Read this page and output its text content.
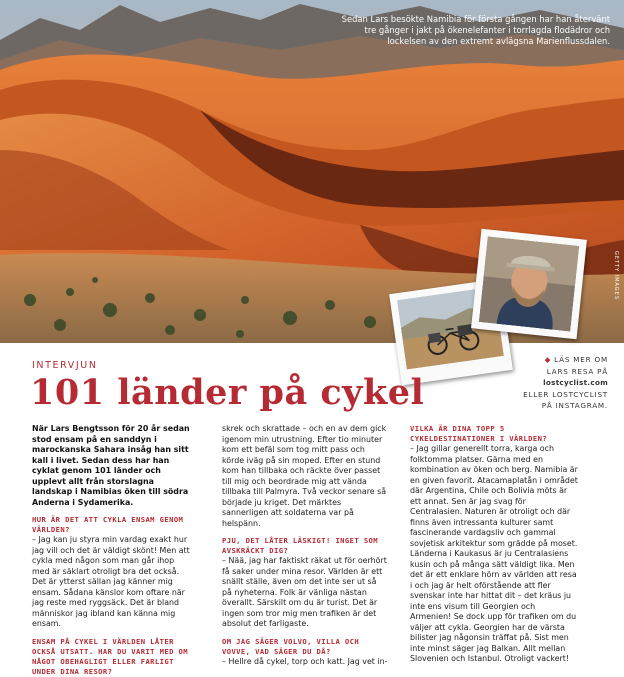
Sedan Lars besökte Namibia för första gången har han återvänt tre gånger i jakt på ökenelefanter i torrlagda flodädror och lockelsen av den extremt avlägsna Marienflussdalen.
GETTY IMAGES
INTERVJUN
101 länder på cykel
◆ LÄS MER OM
LARS RESA PÅ
lostcyclist.com
ELLER LOSTCYCLIST
PÅ INSTAGRAM.

När Lars Bengtsson för 20 år sedan stod ensam på en sanddyn i marockanska Sahara insåg han sitt kall i livet. Sedan dess har han cyklat genom 101 länder och upplevt allt från storslagna landskap i Namibias öken till södra Anderna i Sydamerika.

HUR ÄR DET ATT CYKLA ENSAM GENOM VÄRLDEN?

– Jag kan ju styra min vardag exakt hur jag vill och det är väldigt skönt! Men att cykla med någon som man går ihop med är säklart otroligt bra det också. Det är ytterst sällan jag känner mig ensam. Sådana känslor kom oftare när jag reste med ryggsäck. Det är bland människor jag ibland kan känna mig ensam.

ENSAM PÅ CYKEL I VÄRLDEN LÅTER OCKSÅ UTSATT. HAR DU VARIT MED OM NÅGOT OBEHAGLIGT ELLER FARLIGT UNDER DINA RESOR?

skrek och skrattade – och en av dem gick igenom min utrustning. Efter tio minuter kom ett befäl som tog mitt pass och körde iväg på sin moped. Efter en stund kom han tillbaka och räckte över passet till mig och beordrade mig att vända tillbaka till Palmyra. Två veckor senare så började ju kriget. Det märktes sannerligen att soldaterna var på helspänn.

PJU, DET LÅTER LÄSKIGT! INGET SOM AVSKRÄCKT DIG?

– Nää, jag har faktiskt räkat ut för oerhört få saker under mina resor. Världen är ett snällt ställe, även om det inte ser ut så på nyheterna. Folk är vänliga nästan överallt. Särskilt om du är turist. Det är ingen som tror mig men trafiken är det absolut det farligaste.

OM JAG SÄGER VOLVO, VILLA OCH VOVVE, VAD SÄGER DU DÅ?

– Hellre då cykel, torp och katt. Jag vet in-

VILKA ÄR DINA TOPP 5 CYKELDESTINATIONER I VÄRLDEN?

– Jag gillar generellt torra, karga och folktomma platser. Gärna med en kombination av öken och berg. Namibia är en given favorit. Atacamaplatån i området där Argentina, Chile och Bolivia möts är ett annat. Sen är jag svag för Centralasien. Naturen är otroligt och där finns även intressanta kulturer samt fascinerande vardagsliv och gammal sovjetisk arkitektur som grädde på moset. Länderna i Kaukasus är ju Centralasiens kusin och på många sätt väldigt lika. Men det är ett enklare hörn av världen att resa i och jag är helt oförstående att fler svenskar inte har hittat dit – det kräus ju inte ens visum till Georgien och Armenien! Se dock upp för trafiken om du väljer att cykla. Georgien har de värsta bilister jag någonsin träffat på. Sist men inte minst säger jag Balkan. Allt mellan Slovenien och Istanbul. Otroligt vackert!
